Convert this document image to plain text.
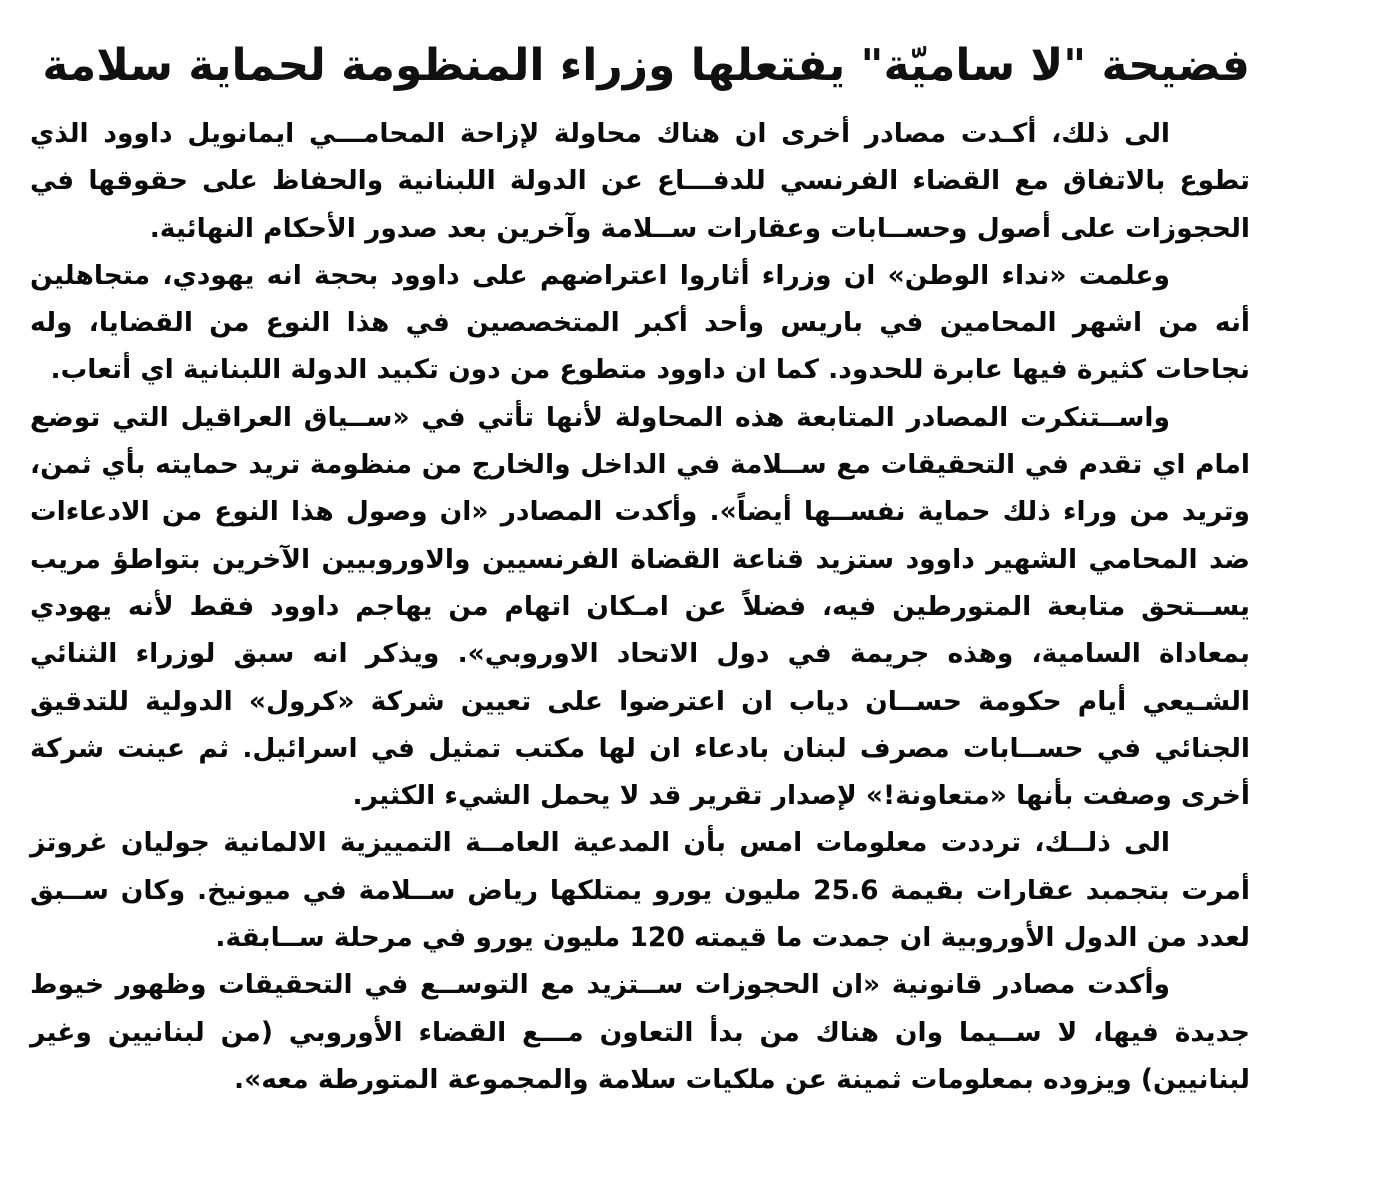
فضيحة "لا ساميّة" يفتعلها وزراء المنظومة لحماية سلامة

الى ذلك، أكـدت مصادر أخرى ان هناك محاولة لإزاحة المحامـــي ايمانويل داوود الذي تطوع بالاتفاق مع القضاء الفرنسي للدفـــاع عن الدولة اللبنانية والحفاظ على حقوقها في الحجوزات على أصول وحســابات وعقارات ســلامة وآخرين بعد صدور الأحكام النهائية.

وعلمت «نداء الوطن» ان وزراء أثاروا اعتراضهم على داوود بحجة انه يهودي، متجاهلين أنه من اشهر المحامين في باريس وأحد أكبر المتخصصين في هذا النوع من القضايا، وله نجاحات كثيرة فيها عابرة للحدود. كما ان داوود متطوع من دون تكبيد الدولة اللبنانية اي أتعاب.

واســتنكرت المصادر المتابعة هذه المحاولة لأنها تأتي في «ســياق العراقيل التي توضع امام اي تقدم في التحقيقات مع ســلامة في الداخل والخارج من منظومة تريد حمايته بأي ثمن، وتريد من وراء ذلك حماية نفســها أيضاً». وأكدت المصادر «ان وصول هذا النوع من الادعاءات ضد المحامي الشهير داوود ستزيد قناعة القضاة الفرنسيين والاوروبيين الآخرين بتواطؤ مريب يســتحق متابعة المتورطين فيه، فضلاً عن امـكان اتهام من يهاجم داوود فقط لأنه يهودي بمعاداة السامية، وهذه جريمة في دول الاتحاد الاوروبي». ويذكر انه سبق لوزراء الثنائي الشـيعي أيام حكومة حســان دياب ان اعترضوا على تعيين شركة «كرول» الدولية للتدقيق الجنائي في حســابات مصرف لبنان بادعاء ان لها مكتب تمثيل في اسرائيل. ثم عينت شركة أخرى وصفت بأنها «متعاونة!» لإصدار تقرير قد لا يحمل الشيء الكثير.

الى ذلــك، ترددت معلومات امس بأن المدعية العامــة التمييزية الالمانية جوليان غروتز أمرت بتجمبد عقارات بقيمة 25.6 مليون يورو يمتلكها رياض ســلامة في ميونيخ. وكان ســبق لعدد من الدول الأوروبية ان جمدت ما قيمته 120 مليون يورو في مرحلة ســابقة.

وأكدت مصادر قانونية «ان الحجوزات ســتزيد مع التوســع في التحقيقات وظهور خيوط جديدة فيها، لا ســيما وان هناك من بدأ التعاون مـــع القضاء الأوروبي (من لبنانيين وغير لبنانيين) ويزوده بمعلومات ثمينة عن ملكيات سلامة والمجموعة المتورطة معه».
